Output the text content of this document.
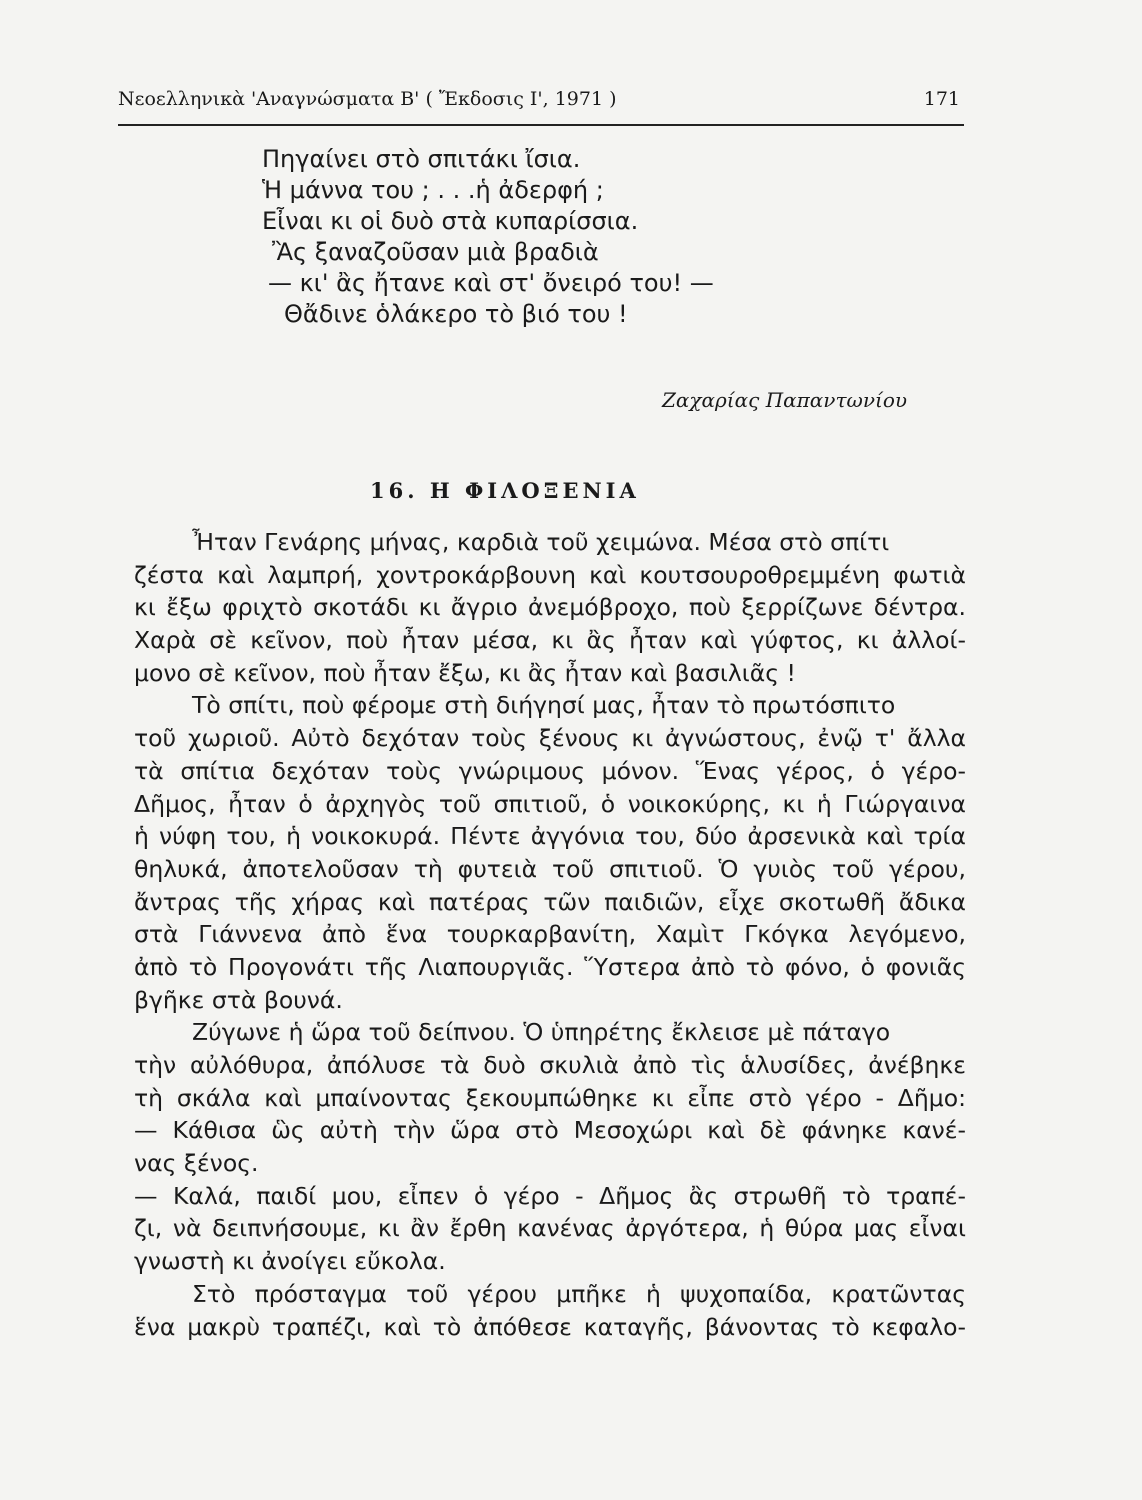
Νεοελληνικὰ 'Αναγνώσματα Β' ( Ἔκδοσις Ι', 1971 )	171
Πηγαίνει στὸ σπιτάκι ἴσια.
Ἡ μάννα του ; . . .ἡ ἀδερφή ;
Εἶναι κι οἱ δυὸ στὰ κυπαρίσσια.
Ἂς ξαναζοῦσαν μιὰ βραδιὰ
— κι' ἂς ἤτανε καὶ στ' ὄνειρό του! —
Θἄδινε ὁλάκερο τὸ βιό του !
Ζαχαρίας Παπαντωνίου
16. Η ΦΙΛΟΞΕΝΙΑ
Ἦταν Γενάρης μήνας, καρδιὰ τοῦ χειμώνα. Μέσα στὸ σπίτι
ζέστα καὶ λαμπρή, χοντροκάρβουνη καὶ κουτσουροθρεμμένη φωτιὰ
κι ἔξω φριχτὸ σκοτάδι κι ἄγριο ἀνεμόβροχο, ποὺ ξερρίζωνε δέντρα.
Χαρὰ σὲ κεῖνον, ποὺ ἦταν μέσα, κι ἂς ἦταν καὶ γύφτος, κι ἀλλοί-
μονο σὲ κεῖνον, ποὺ ἦταν ἔξω, κι ἂς ἦταν καὶ βασιλιᾶς !
Τὸ σπίτι, ποὺ φέρομε στὴ διήγησί μας, ἦταν τὸ πρωτόσπιτο
τοῦ χωριοῦ. Αὐτὸ δεχόταν τοὺς ξένους κι ἀγνώστους, ἐνῷ τ' ἄλλα
τὰ σπίτια δεχόταν τοὺς γνώριμους μόνον. Ἕνας γέρος, ὁ γέρο-
Δῆμος, ἦταν ὁ ἀρχηγὸς τοῦ σπιτιοῦ, ὁ νοικοκύρης, κι ἡ Γιώργαινα
ἡ νύφη του, ἡ νοικοκυρά. Πέντε ἀγγόνια του, δύο ἀρσενικὰ καὶ τρία
θηλυκά, ἀποτελοῦσαν τὴ φυτειὰ τοῦ σπιτιοῦ. Ὁ γυιὸς τοῦ γέρου,
ἄντρας τῆς χήρας καὶ πατέρας τῶν παιδιῶν, εἶχε σκοτωθῆ ἄδικα
στὰ Γιάννενα ἀπὸ ἕνα τουρκαρβανίτη, Χαμὶτ Γκόγκα λεγόμενο,
ἀπὸ τὸ Προγονάτι τῆς Λιαπουργιᾶς. Ὕστερα ἀπὸ τὸ φόνο, ὁ φονιᾶς
βγῆκε στὰ βουνά.
Ζύγωνε ἡ ὥρα τοῦ δείπνου. Ὁ ὑπηρέτης ἔκλεισε μὲ πάταγο
τὴν αὐλόθυρα, ἀπόλυσε τὰ δυὸ σκυλιὰ ἀπὸ τὶς ἁλυσίδες, ἀνέβηκε
τὴ σκάλα καὶ μπαίνοντας ξεκουμπώθηκε κι εἶπε στὸ γέρο - Δῆμο:
— Κάθισα ὣς αὐτὴ τὴν ὥρα στὸ Μεσοχώρι καὶ δὲ φάνηκε κανέ-
νας ξένος.
— Καλά, παιδί μου, εἶπεν ὁ γέρο - Δῆμος ἂς στρωθῆ τὸ τραπέ-
ζι, νὰ δειπνήσουμε, κι ἂν ἔρθη κανένας ἀργότερα, ἡ θύρα μας εἶναι
γνωστὴ κι ἀνοίγει εὔκολα.
Στὸ πρόσταγμα τοῦ γέρου μπῆκε ἡ ψυχοπαίδα, κρατῶντας
ἕνα μακρὺ τραπέζι, καὶ τὸ ἀπόθεσε καταγῆς, βάνοντας τὸ κεφαλο-
